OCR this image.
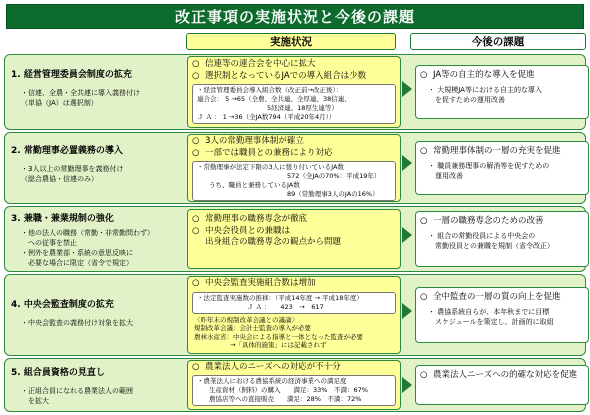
改正事項の実施状況と今後の課題
実施状況	今後の課題
1. 経営管理委員会制度の拡充
・信連、全農・全共連に導入義務付け
（単協（JA）は選択制）
○ 信連等の連合会を中心に拡大
○ 選択制となっているJAでの導入組合は少数
・経営管理委員会導入組合数（改正前→改正後）：
連合会： 5 →65（全農、全共連、全厚連、38信連、
5経済連、18厚生連等）
Ｊ Ａ ： 1 →36（全JA数794（平成20年4月））
○ JA等の自主的な導入を促進
・ 大規模JA等における自主的な導入
　を促すための運用改善
2. 常勤理事必置義務の導入
・3人以上の常勤理事を義務付け
（総合農協・信連のみ）
○ 3人の常勤理事体制が確立
○ 一部では職員との兼務により対応
・常勤理事が法定下限の3人に張り付いているJA数
572（全JAの70%：平成19年）
うち、職員と兼務しているJA数
89（常勤理事3人のJAの16%）
○ 常勤理事体制の一層の充実を促進
・ 職員兼務理事の解消等を促すための
　運用改善
3. 兼職・兼業規制の強化
・他の法人の職務（常勤・非常勤問わず）
　への従事を禁止
・例外を農業部・系統の意思反映に
　必要な場合に限定（省令で規定）
○ 常勤理事の職務専念が徹底
○ 中央会役員との兼職は
出身組合の職務専念の観点から問題
○ 一層の職務専念のための改善
・ 組合の常勤役員による中央会の
　常勤役員との兼職を規制（省令改正）
4. 中央会監査制度の拡充
・中央会監査の義務付け対象を拡大
○ 中央会監査実施組合数は増加
・法定監査実施数の推移：（平成14年度 → 平成18年度）
Ｊ Ａ ：　　423　→　617
〈昨年末の規制改革会議との議論〉
規制改革会議：会計士監査の導入が必要
農林水産省：中央会による指導と一体となった監査が必要
→「具体的施策」には記載されず
○ 全中監査の一層の質の向上を促進
・ 農協系統自らが、本年秋までに目標
　スケジュールを策定し、計画的に取組
5. 組合員資格の見直し
・正組合員になれる農業法人の範囲
　を拡大
○ 農業法人のニーズへの対応が不十分
・農業法人における農協系統の経済事業への満足度
生産資材（飼料）の購入　　満足：33%　不満：67%
農協店等への直接販売　　満足：28%　不満：72%
○ 農業法人ニーズへの的確な対応を促進
